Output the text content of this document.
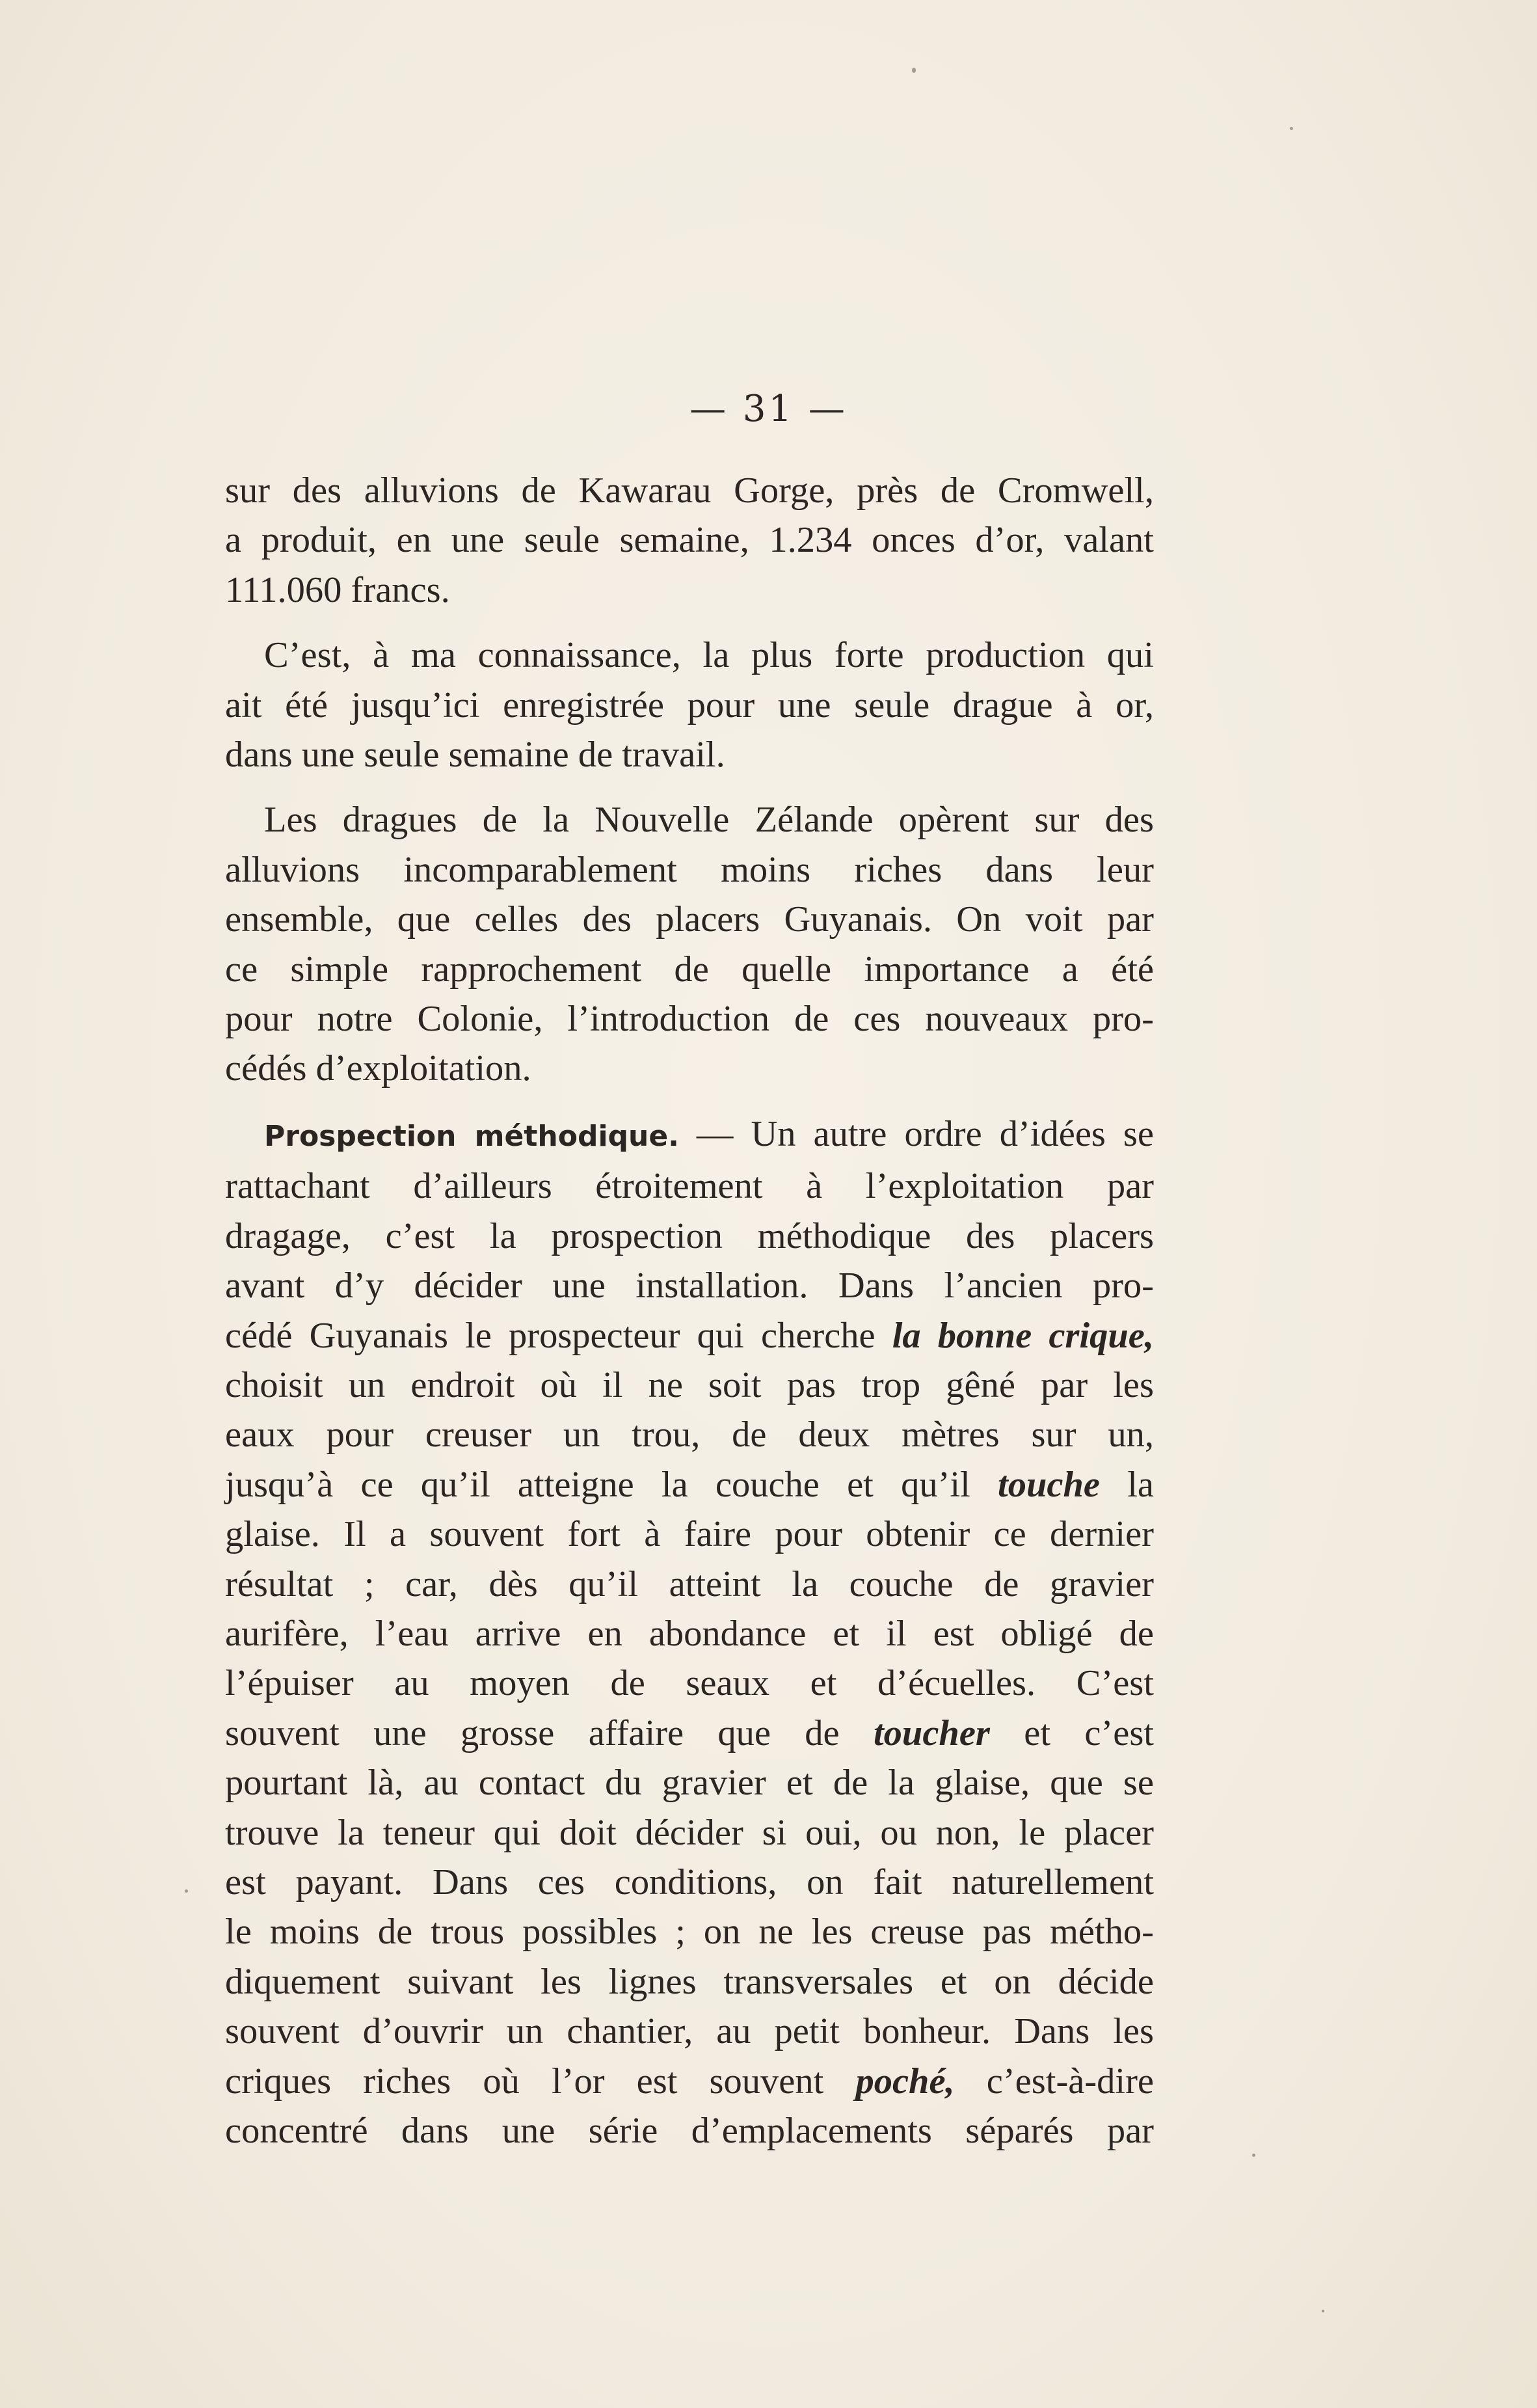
— 31 —

sur des alluvions de Kawarau Gorge, près de Cromwell,
a produit, en une seule semaine, 1.234 onces d’or, valant
111.060 francs.

C’est, à ma connaissance, la plus forte production qui
ait été jusqu’ici enregistrée pour une seule drague à or,
dans une seule semaine de travail.

Les dragues de la Nouvelle Zélande opèrent sur des
alluvions incomparablement moins riches dans leur
ensemble, que celles des placers Guyanais. On voit par
ce simple rapprochement de quelle importance a été
pour notre Colonie, l’introduction de ces nouveaux pro-
cédés d’exploitation.

Prospection méthodique. — Un autre ordre d’idées se
rattachant d’ailleurs étroitement à l’exploitation par
dragage, c’est la prospection méthodique des placers
avant d’y décider une installation. Dans l’ancien pro-
cédé Guyanais le prospecteur qui cherche la bonne crique,
choisit un endroit où il ne soit pas trop gêné par les
eaux pour creuser un trou, de deux mètres sur un,
jusqu’à ce qu’il atteigne la couche et qu’il touche la
glaise. Il a souvent fort à faire pour obtenir ce dernier
résultat ; car, dès qu’il atteint la couche de gravier
aurifère, l’eau arrive en abondance et il est obligé de
l’épuiser au moyen de seaux et d’écuelles. C’est
souvent une grosse affaire que de toucher et c’est
pourtant là, au contact du gravier et de la glaise, que se
trouve la teneur qui doit décider si oui, ou non, le placer
est payant. Dans ces conditions, on fait naturellement
le moins de trous possibles ; on ne les creuse pas métho-
diquement suivant les lignes transversales et on décide
souvent d’ouvrir un chantier, au petit bonheur. Dans les
criques riches où l’or est souvent poché, c’est-à-dire
concentré dans une série d’emplacements séparés par
